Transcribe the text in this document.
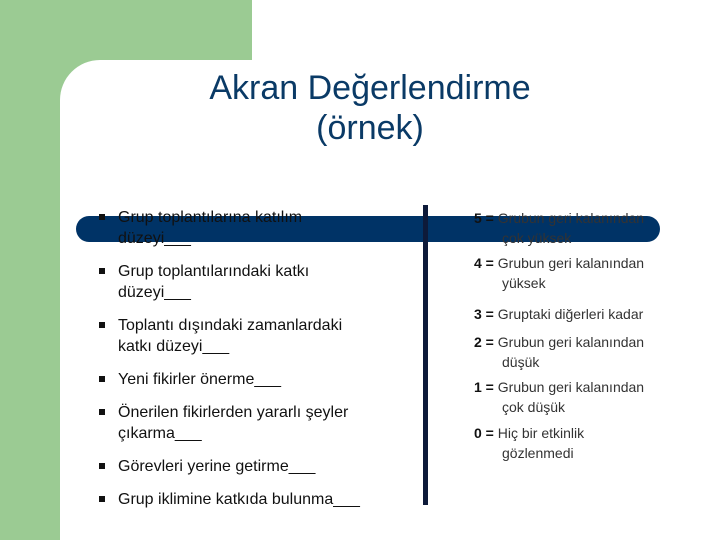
Akran Değerlendirme
(örnek)
Grup toplantılarına katılım
düzeyi___
Grup toplantılarındaki katkı
düzeyi___
Toplantı dışındaki zamanlardaki
katkı düzeyi___
Yeni fikirler önerme___
Önerilen fikirlerden yararlı şeyler
çıkarma___
Görevleri yerine getirme___
Grup iklimine katkıda bulunma___
5 = Grubun geri kalanından
çok yüksek
4 = Grubun geri kalanından
yüksek
3 = Gruptaki diğerleri kadar
2 = Grubun geri kalanından
düşük
1 = Grubun geri kalanından
çok düşük
0 = Hiç bir etkinlik
gözlenmedi
